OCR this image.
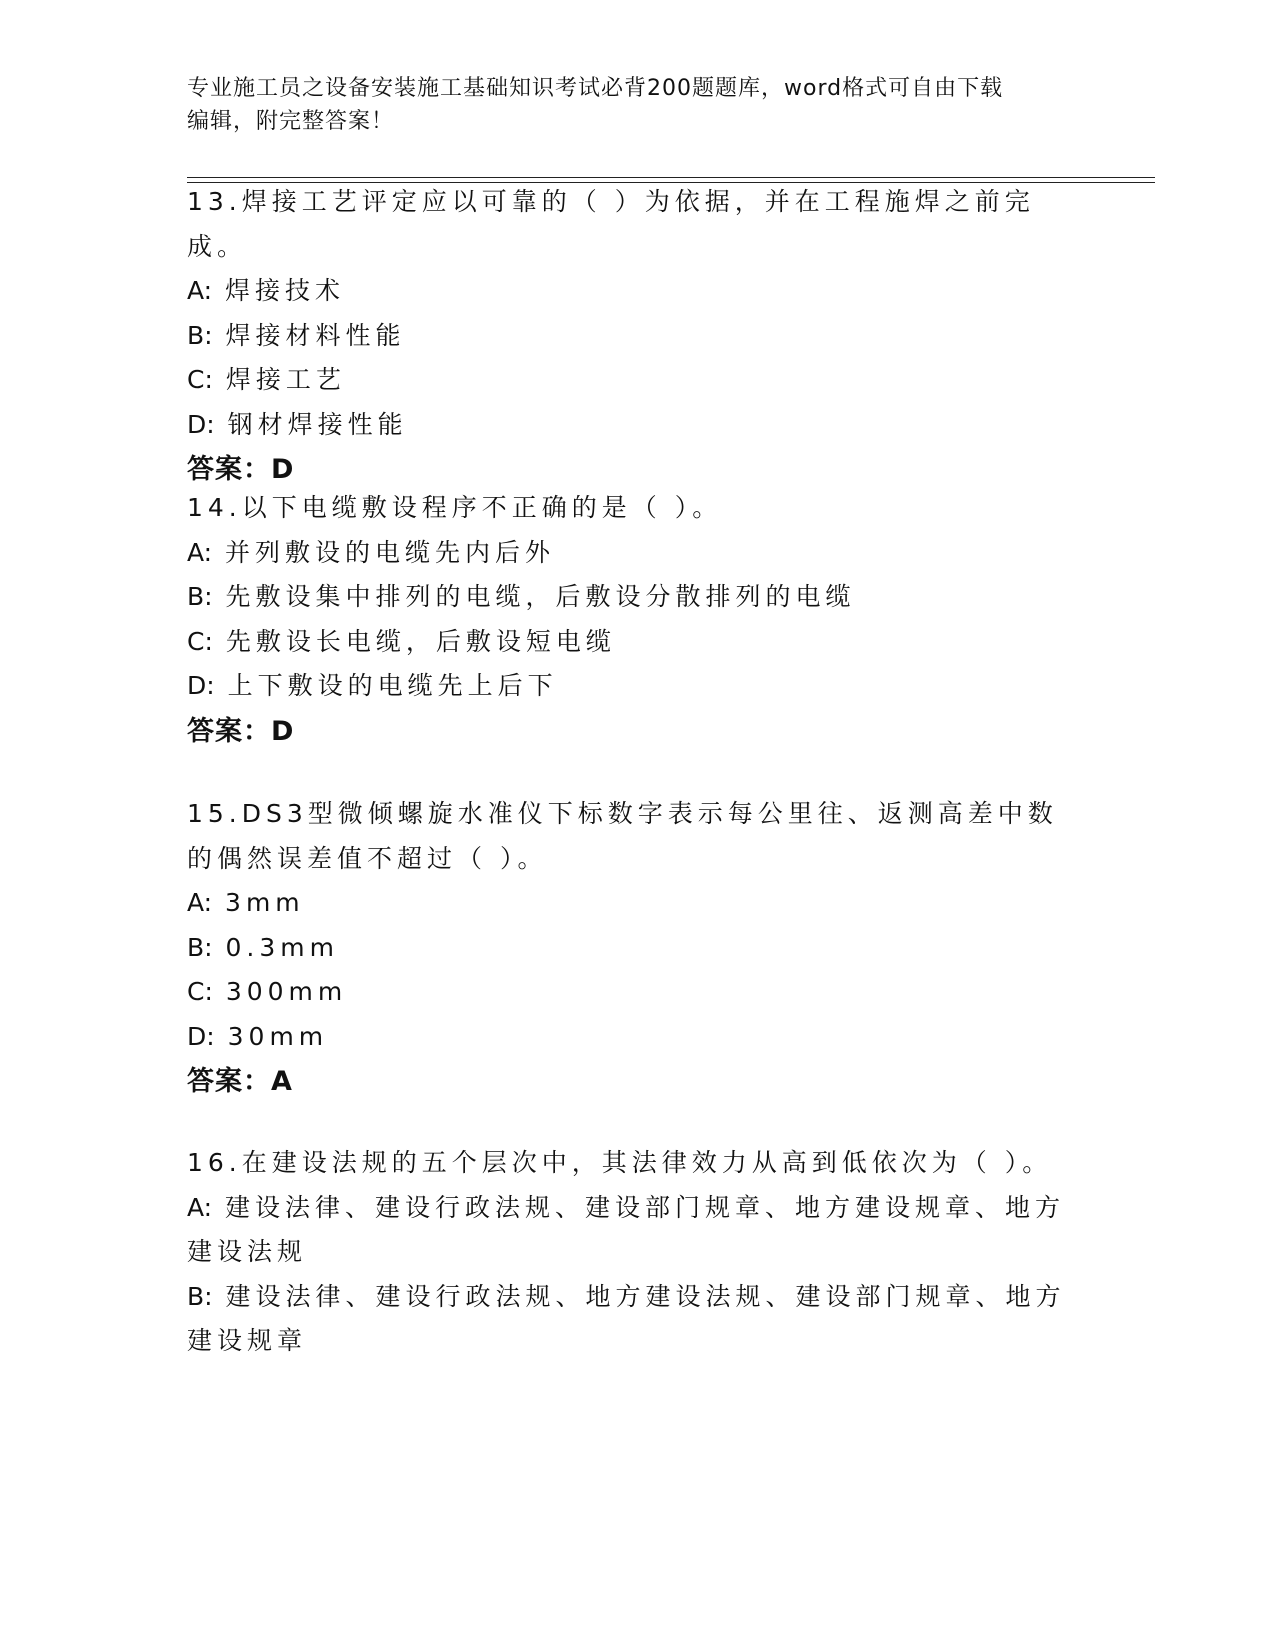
专业施工员之设备安装施工基础知识考试必背200题题库，word格式可自由下载
编辑，附完整答案！
13.焊接工艺评定应以可靠的（ ）为依据，并在工程施焊之前完成。
A: 焊接技术
B: 焊接材料性能
C: 焊接工艺
D: 钢材焊接性能
答案：D
14.以下电缆敷设程序不正确的是（ ）。
A: 并列敷设的电缆先内后外
B: 先敷设集中排列的电缆，后敷设分散排列的电缆
C: 先敷设长电缆，后敷设短电缆
D: 上下敷设的电缆先上后下
答案：D
15.DS3型微倾螺旋水准仪下标数字表示每公里往、返测高差中数的偶然误差值不超过（ ）。
A: 3mm
B: 0.3mm
C: 300mm
D: 30mm
答案：A
16.在建设法规的五个层次中，其法律效力从高到低依次为（ ）。
A: 建设法律、建设行政法规、建设部门规章、地方建设规章、地方建设法规
B: 建设法律、建设行政法规、地方建设法规、建设部门规章、地方建设规章
